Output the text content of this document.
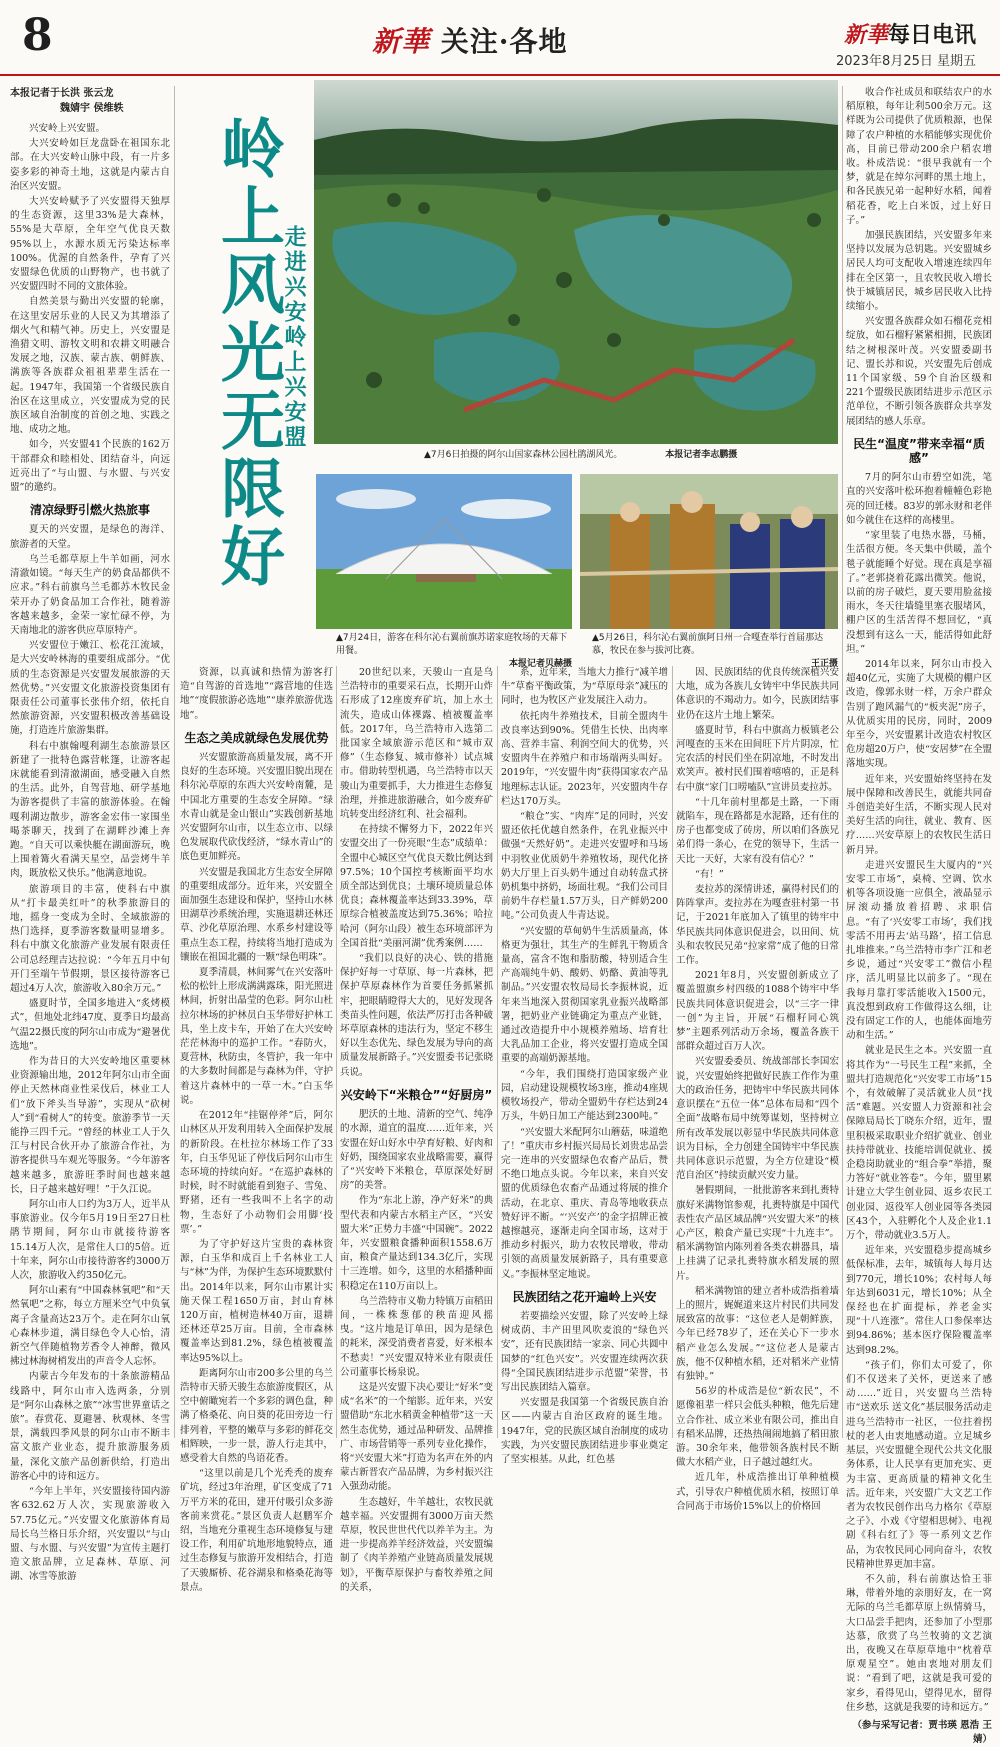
8	新華 关注·各地	新華每日电讯
2023年8月25日 星期五
岭上风光无限好
走进兴安岭上兴安盟
本报记者于长洪 张云龙
魏婧宇 侯维轶

兴安岭上兴安盟。

大兴安岭如巨龙盘卧在祖国东北部。在大兴安岭山脉中段，有一片多姿多彩的神奇土地，这就是内蒙古自治区兴安盟。

大兴安岭赋予了兴安盟得天独厚的生态资源，这里33%是大森林，55%是大草原，全年空气优良天数95%以上，水源水质无污染达标率100%。优渥的自然条件，孕育了兴安盟绿色优质的山野物产，也书就了兴安盟四时不同的文旅体验。

自然美景与勤出兴安盟的轮廓，在这里安居乐业的人民又为其增添了烟火气和精气神。历史上，兴安盟是渔猎文明、游牧文明和农耕文明融合发展之地，汉族、蒙古族、朝鲜族、满族等各族群众祖祖辈辈生活在一起。1947年，我国第一个省级民族自治区在这里成立，兴安盟成为党的民族区域自治制度的首创之地、实践之地、成功之地。

如今，兴安盟41个民族的162万干部群众和睦相处、团结奋斗，向远近亮出了“与山盟、与水盟、与兴安盟”的邀约。

清凉绿野引燃火热旅事

夏天的兴安盟，是绿色的海洋、旅游者的天堂。

乌兰毛都草原上牛羊如画，河水清澈如镜。“每天生产的奶食品都供不应求。”科右前旗乌兰毛都苏木牧民金荣开办了奶食品加工合作社，随着游客越来越多，金荣一家忙碌不停，为天南地北的游客供应草原特产。

兴安盟位于嫩江、松花江流域，是大兴安岭林海的重要组成部分。“优质的生态资源是兴安盟发展旅游的天然优势。”兴安盟文化旅游投资集团有限责任公司董事长张伟介绍，依托自然旅游资源，兴安盟积极改善基础设施，打造连片旅游集群。

科右中旗翰嘎利湖生态旅游景区新建了一批特色露营帐篷，让游客起床就能看到清澈湖面，感受融入自然的生活。此外，自驾营地、研学基地为游客提供了丰富的旅游体验。在翰嘎利湖边散步，游客金宏伟一家围坐喝茶聊天，找到了在湖畔沙滩上奔跑。“自天可以乘快艇在湖面游玩，晚上围着篝火看满天星空，品尝烤牛羊肉，既放松又快乐。”他满意地说。

旅游项目的丰富，使科右中旗从“打卡最美红叶”的秋季旅游目的地，摇身一变成为全时、全域旅游的热门选择，夏季游客数量明显增多。科右中旗文化旅游产业发展有限责任公司总经理吉达拉说：“今年五月中旬开门至端午节假期，景区接待游客已超过4万人次，旅游收入80余万元。”

盛夏时节，全国多地进入“炙烤模式”，但地处北纬47度、夏季日均最高气温22摄氏度的阿尔山市成为“避暑优选地”。

作为昔日的大兴安岭地区重要林业资源输出地，2012年阿尔山市全面停止天然林商业性采伐后，林业工人们“放下斧头当导游”，实现从“砍树人”到“看树人”的转变。旅游季节一天能挣三四千元。“曾经的林业工人于久江与村民合伙开办了旅游合作社，为游客提供马车观光等服务。“今年游客越来越多，旅游旺季时间也越来越长，日子越来越好哩！”于久江说。

阿尔山市人口约为3万人，近半从事旅游业。仅今年5月19日至27日杜鹃节期间，阿尔山市就接待游客15.14万人次，是常住人口的5倍。近十年来，阿尔山市接待游客约3000万人次，旅游收入约350亿元。

阿尔山素有“中国森林氧吧”和“天然氧吧”之称，每立方厘米空气中负氧离子含量高达23万个。走在阿尔山氧心森林步道，满目绿色令人心怡，清新空气伴随植物芳香令人神醉，微风拂过林海树梢发出的声音令人忘怀。

内蒙古今年发布的十条旅游精品线路中，阿尔山市入选两条，分别是“阿尔山森林之旅”“冰雪世界童话之旅”。春赏花、夏避暑、秋观林、冬雪景，满载四季风景的阿尔山市不断丰富文旅产业业态，提升旅游服务质量，深化文旅产品创新供给，打造出游客心中的诗和远方。

“今年上半年，兴安盟接待国内游客632.62万人次，实现旅游收入57.75亿元。”兴安盟文化旅游体育局局长乌兰格日乐介绍，兴安盟以“与山盟、与水盟、与兴安盟”为宣传主题打造文旅品牌，立足森林、草原、河湖、冰雪等旅游

▲7月6日拍摄的阿尔山国家森林公园杜鹃湖风光。	本报记者李志鹏摄
▲7月24日，游客在科尔沁右翼前旗苏诺家庭牧场的天幕下用餐。
本报记者贝赫摄
▲5月26日，科尔沁右翼前旗阿日州一合嘎查举行首届那达慕，牧民在参与拔河比赛。
王正摄

资源，以真诚和热情为游客打造“自驾游的首选地”“露营地的佳选地”“度假旅游必选地”“康养旅游优选地”。

生态之美成就绿色发展优势

兴安盟旅游高质量发展，离不开良好的生态环境。兴安盟旧貌出现在科尔沁草原的东西大兴安岭南麓，是中国北方重要的生态安全屏障。“绿水青山就是金山银山”实践创新基地兴安盟阿尔山市，以生态立市、以绿色发展取代砍伐经济，“绿水青山”的底色更加鲜亮。

兴安盟是我国北方生态安全屏障的重要组成部分。近年来，兴安盟全面加强生态建设和保护，坚持山水林田湖草沙系统治理，实施退耕还林还草、沙化草原治理、水系乡村建设等重点生态工程，持续将当地打造成为镶嵌在祖国北疆的一颗“绿色明珠”。

夏季清晨，林间雾气在兴安落叶松的松针上形成满满露珠，阳光照进林间，折射出晶莹的色彩。阿尔山杜拉尔林场的护林员白玉华带好护林工具，坐上皮卡车，开始了在大兴安岭茫茫林海中的巡护工作。“春防火，夏营林，秋防虫，冬管护，我一年中的大多数时间都是与森林为伴，守护着这片森林中的一草一木。”白玉华说。

在2012年“挂锯停斧”后，阿尔山林区从开发利用转入全面保护发展的新阶段。在杜拉尔林场工作了33年，白玉华见证了停伐后阿尔山市生态环境的持续向好。“在巡护森林的时候，时不时就能看到狍子、雪兔、野猪，还有一些我叫不上名字的动物，生态好了小动物们会用脚‘投票’。”

为了守护好这片宝贵的森林资源，白玉华和成百上千名林业工人与“林”为伴，为保护生态环境默默付出。2014年以来，阿尔山市累计实施天保工程1650万亩，封山育林120万亩，植树造林40万亩，退耕还林还草25万亩。目前，全市森林覆盖率达到81.2%，绿色植被覆盖率达95%以上。

距离阿尔山市200多公里的乌兰浩特市天骄天骏生态旅游度假区，从空中俯瞰宛若一个多彩的调色盘，种满了格桑花、向日葵的花田旁边一行排列着，平整的嫩草与多彩的鲜花交相辉映，一步一景，游人行走其中，感受着大自然的鸟语花香。

“这里以前是几个光秃秃的废弃矿坑，经过3年治理，矿区变成了71万平方米的花田，建开付吸引众多游客前来赏花。”景区负责人赵鹏军介绍，当地充分重视生态环境修复与建设工作，利用矿坑地形地貌特点，通过生态修复与旅游开发相结合，打造了天骏厮桥、花谷湖泉和格桑花海等景点。

20世纪以来，天骏山一直是乌兰浩特市的重要采石点，长期开山炸石形成了12座废弃矿坑，加上水土流失，造成山体裸露、植被覆盖率低。2017年，乌兰浩特市入选第二批国家全域旅游示范区和“城市双修”（生态修复、城市修补）试点城市。借助转型机遇，乌兰浩特市以天骏山为重要抓手，大力推进生态修复治理，并推进旅游融合，如今废弃矿坑转变出经济红利、社会福利。

在持续不懈努力下，2022年兴安盟交出了一份亮眼“生态”成绩单：全盟中心城区空气优良天数比例达到97.5%；10个国控考核断面平均水质全部达到优良；土壤环境质量总体优良；森林覆盖率达到33.39%，草原综合植被盖度达到75.36%；哈拉哈河（阿尔山段）被生态环境部评为全国首批“美丽河湖”优秀案例……

“我们以良好的决心、铁的措施保护好每一寸草原、每一片森林，把保护草原森林作为首要任务抓紧抓牢，把眼睛瞪得大大的，见好发现各类苗头性问题，依法严厉打击各种破坏草原森林的违法行为，坚定不移生好以生态优先、绿色发展为导向的高质量发展新路子。”兴安盟委书记张晓兵说。

兴安岭下“米粮仓”“好厨房”

肥沃的土地、清新的空气、纯净的水源，道宜的温度……近年来，兴安盟在好山好水中孕育好粮、好肉和好奶，围绕国家农业战略需要，赢得了“兴安岭下米粮仓，草原深处好厨房”的美誉。

作为“东北上游，净产好米”的典型代表和内蒙古水稻主产区，“兴安盟大米”正势力丰盛“中国碗”。2022年，兴安盟粮食播种面积1558.6万亩，粮食产量达到134.3亿斤，实现十三连增。如今，这里的水稻播种面积稳定在110万亩以上。

乌兰浩特市义勒力特镇万亩稻田间，一株株葱郁的秧苗迎风摇曳。“这片地是订单田，因为是绿色的耗米，深受消费者喜爱，好米根本不愁卖！”兴安盟双特米业有限责任公司董事长杨泉说。

这是兴安盟下决心要让“好米”变成“名米”的一个缩影。近年来，兴安盟借助“东北水稻黄金种植带”这一天然生态优势，通过品种研发、品牌推广、市场营销等一系列专业化操作，将“兴安盟大米”打造为名声在外的内蒙古新晋农产品品牌，为乡村振兴注入强劲动能。

生态越好，牛羊越壮，农牧民就越幸福。兴安盟拥有3000万亩天然草原，牧民世世代代以养羊为主。为进一步提高养羊经济效益，兴安盟编制了《肉羊养殖产业链高质量发展规划》，平衡草原保护与畜牧养殖之间的关系，

系，近年来，当地大力推行“减羊增牛”草畜平衡政策，为“草原母亲”减压的同时，也为牧区产业发展注入动力。

依托肉牛养殖技术，目前全盟肉牛改良率达到90%。凭借生长快、出肉率高、营养丰富、利润空间大的优势，兴安盟肉牛在养殖户和市场端两头叫好。2019年，“兴安盟牛肉”获得国家农产品地理标志认证。2023年，兴安盟肉牛存栏达170万头。

“粮仓”实、“肉库”足的同时，兴安盟还依托优越自然条件，在乳业振兴中做强“天然好奶”。走进兴安盟呼和马场中羽牧业优质奶牛养殖牧场，现代化挤奶大厅里上百头奶牛通过自动转盘式挤奶机集中挤奶，场面壮观。“我们公司目前奶牛存栏量1.57万头，日产鲜奶200吨。”公司负责人牛青达说。

“兴安盟的草甸奶牛生活质量高，体格更为强壮，其生产的生鲜乳干物质含量高，富含不饱和脂肪酸，特别适合生产高端纯牛奶、酸奶、奶酪、黄油等乳制品。”兴安盟农牧局局长李振林说，近年来当地深入贯彻国家乳业振兴战略部署，把奶业产业链确定为重点产业链，通过改造提升中小规模养殖场、培育壮大乳品加工企业，将兴安盟打造成全国重要的高端奶源基地。

“今年，我们围绕打造国家级产业园，启动建设规模牧场3座，推动4座规模牧场投产，带动全盟奶牛存栏达到24万头，牛奶日加工产能达到2300吨。”

“兴安盟大米配阿尔山蘑菇，味道绝了！”重庆市乡村振兴局局长刘贵忠品尝完一连串的兴安盟绿色农畜产品后，赞不绝口地点头说。今年以来，来自兴安盟的优质绿色农畜产品通过将展的推介活动，在北京、重庆、青岛等地收获点赞好评不断。“‘兴安产’的金字招牌正被越擦越亮，逐渐走向全国市场，这对于推动乡村振兴，助力农牧民增收，带动引领的高质量发展新路子，具有重要意义。”李振林坚定地说。

民族团结之花开遍岭上兴安

若要描绘兴安盟，除了兴安岭上绿树成荫、丰产田里风吹麦浪的“绿色兴安”，还有民族团结一家亲、同心共圆中国梦的“红色兴安”。兴安盟连续两次获得“全国民族团结进步示范盟”荣誉，书写出民族团结入篇章。

兴安盟是我国第一个省级民族自治区——内蒙古自治区政府的诞生地。1947年，党的民族区域自治制度的成功实践，为兴安盟民族团结进步事业奠定了坚实根基。从此，红色基

因、民族团结的优良传统深植兴安大地，成为各族儿女铸牢中华民族共同体意识的不竭动力。如今，民族团结事业仍在这片土地上繁荣。

盛夏时节，科右中旗高力板镇老公河嘎查的玉米在田间旺下片片阴凉，忙完农活的村民们坐在阴凉地，不时发出欢笑声。被村民们围着嘻嘻的，正是科右中旗“家门口唠嗑队”宣讲员麦拉苏。

“十几年前村里都是土路，一下雨就陷车，现在路都是水泥路，还有住的房子也都变成了砖房，所以咱们各族兄弟们得一条心，在党的领导下，生活一天比一天好，大家有没有信心？”

“有！”

麦拉苏的深情讲述，赢得村民们的阵阵掌声。麦拉苏在为嘎查驻村第一书记，于2021年底加入了镇里的铸牢中华民族共同体意识促进会，以田间、炕头和农牧民兄弟“拉家常”成了他的日常工作。

2021年8月，兴安盟创新成立了覆盖盟旗乡村四级的1088个铸牢中华民族共同体意识促进会，以“三字一律一创”为主旨，开展“石榴籽同心筑梦”主题系列活动万余场，覆盖各族干部群众超过百万人次。

兴安盟委委员、统战部部长李国宏说，兴安盟始终把做好民族工作作为重大的政治任务，把铸牢中华民族共同体意识摆在“五位一体”总体布局和“四个全面”战略布局中统筹谋划，坚持树立所有改革发展以彰显中华民族共同体意识为目标，全力创建全国铸牢中华民族共同体意识示范盟，为全方位建设“模范自治区”持续贡献兴安力量。

暑假期间，一批批游客来到扎赉特旗好米满物馆参观，扎赉特旗是中国代表性农产品区域品牌“兴安盟大米”的核心产区，粮食产量已实现“十九连丰”。稻米满物馆内陈列着各类农耕器具，墙上挂满了记录扎赉特旗水稻发展的照片。

稻米满物馆的建立者朴成浩指着墙上的照片，娓娓道来这片村民们共同发展致富的故事：“这位老人是朝鲜族，今年已经78岁了，还在关心下一步水稻产业怎么发展。”“这位老人是蒙古族，他不仅种植水稻，还对稻米产业情有独钟。”

56岁的朴成浩是位“新农民”，不愿像祖辈一样只会低头种粮，他先后建立合作社、成立米业有限公司，推出自有稻米品牌，还热热闹闹地搞了稻田旅游。30余年来，他带领各族村民不断做大水稻产业，日子越过越红火。

近几年，朴成浩推出订单种植模式，引导农户种植优质水稻，按照订单合同高于市场价15%以上的价格回

收合作社成员和联结农户的水稻原粮，每年让利500余万元。这样既为公司提供了优质粮源，也保障了农户种植的水稻能够实现优价高，目前已带动200余户稻农增收。朴成浩说：“很早我就有一个梦，就是在绰尔河畔的黑土地上，和各民族兄弟一起种好水稻，闻着稻花香，吃上白米饭，过上好日子。”

加强民族团结，兴安盟多年来坚持以发展为总钥匙。兴安盟城乡居民人均可支配收入增速连续四年排在全区第一，且农牧民收入增长快于城镇居民，城乡居民收入比持续缩小。

兴安盟各族群众如石榴花竞相绽放，如石榴籽紧紧相拥，民族团结之树根深叶茂。兴安盟委副书记、盟长苏和说，兴安盟先后创成11个国家级、59个自治区级和221个盟级民族团结进步示范区示范单位，不断引领各族群众共享发展团结的感人乐章。

民生“温度”带来幸福“质感”

7月的阿尔山市碧空如洗，笔直的兴安落叶松环抱着幢幢色彩艳亮的回迁楼。83岁的郭永财和老伴如今就住在这样的高楼里。

“家里装了电热水器，马桶，生活很方便。冬天集中供暖，盖个毯子就能睡个好觉。现在真是享福了。”老郭挠着花露出微笑。他说，以前的房子破烂，夏天要用脸盆接雨水，冬天往墙缝里塞衣服堵风，棚户区的生活苦得不想回忆，“真没想到有这么一天，能活得如此舒坦。”

2014年以来，阿尔山市投入超40亿元，实施了大规模的棚户区改造，像郭永财一样，万余户群众告别了跑风漏气的“板夹泥”房子，从优质实用的民房，同时，2009年至今，兴安盟累计改造农村牧区危房超20万户，使“安居梦”在全盟落地实现。

近年来，兴安盟始终坚持在发展中保障和改善民生，就能共同奋斗创造美好生活，不断实现人民对美好生活的向往，就业、教育、医疗……兴安草原上的农牧民生活日新月异。

走进兴安盟民生大厦内的“兴安零工市场”，桌椅、空调、饮水机等各项设施一应俱全，液晶显示屏滚动播放着招聘、求职信息。“有了‘兴安零工市场’，我们找零活不用再去‘站马路’，招工信息扎堆推来。”乌兰浩特市李广江和老乡说，通过“兴安零工”微信小程序，活儿明显比以前多了。“现在我每月靠打零活能收入1500元，真没想到政府工作做得这么细，让没有固定工作的人，也能体面地劳动和生活。”

就业是民生之本。兴安盟一直将其作为“一号民生工程”来抓，全盟共打造规范化“兴安零工市场”15个，有效破解了灵活就业人员“找活”难题。兴安盟人力资源和社会保障局局长丁晓东介绍，近年，盟里积极采取职业介绍扩就业、创业扶持带就业、技能培训促就业、援企稳岗助就业的“组合拳”举措，聚力答好“就业答卷”。今年，盟里累计建立大学生创业园、返乡农民工创业园、返役军人创业园等各类园区43个，入驻孵化个人及企业1.1万个，带动就业3.5万人。

近年来，兴安盟稳步提高城乡低保标准，去年，城镇每人每月达到770元，增长10%；农村每人每年达到6031元，增长10%；从全保经也在扩面提标，养老金实现“十八连涨”。常住人口参保率达到94.86%；基本医疗保险覆盖率达到98.2%。

“孩子们，你们太可爱了，你们不仅送来了关怀，更送来了感动……”近日，兴安盟乌兰浩特市“送欢乐 送文化”基层服务活动走进乌兰浩特市一社区，一位拄着拐杖的老人由衷地感动道。立足城乡基层，兴安盟健全现代公共文化服务体系，让人民享有更加充实、更为丰富、更高质量的精神文化生活。近年来，兴安盟广大文艺工作者为农牧民创作出乌力格尔《草原之子》、小戏《守望相思树》、电视剧《科右红了》等一系列文艺作品，为农牧民同心同向奋斗，农牧民精神世界更加丰富。

不久前，科右前旗达恰王菲琳，带着外地的亲朋好友，在一窝无际的乌兰毛都草原上纵情骑马，大口品尝手把肉，还参加了小型那达慕，欣赏了乌兰牧骑的文艺演出，夜晚又在草原草地中“枕着草原观星空”。她由衷地对朋友们说：“看到了吧，这就是我可爱的家乡，看得见山，望得见水，留得住乡愁，这就是我要的诗和远方。”

（参与采写记者：贾书瑛 恩浩 王婧）
